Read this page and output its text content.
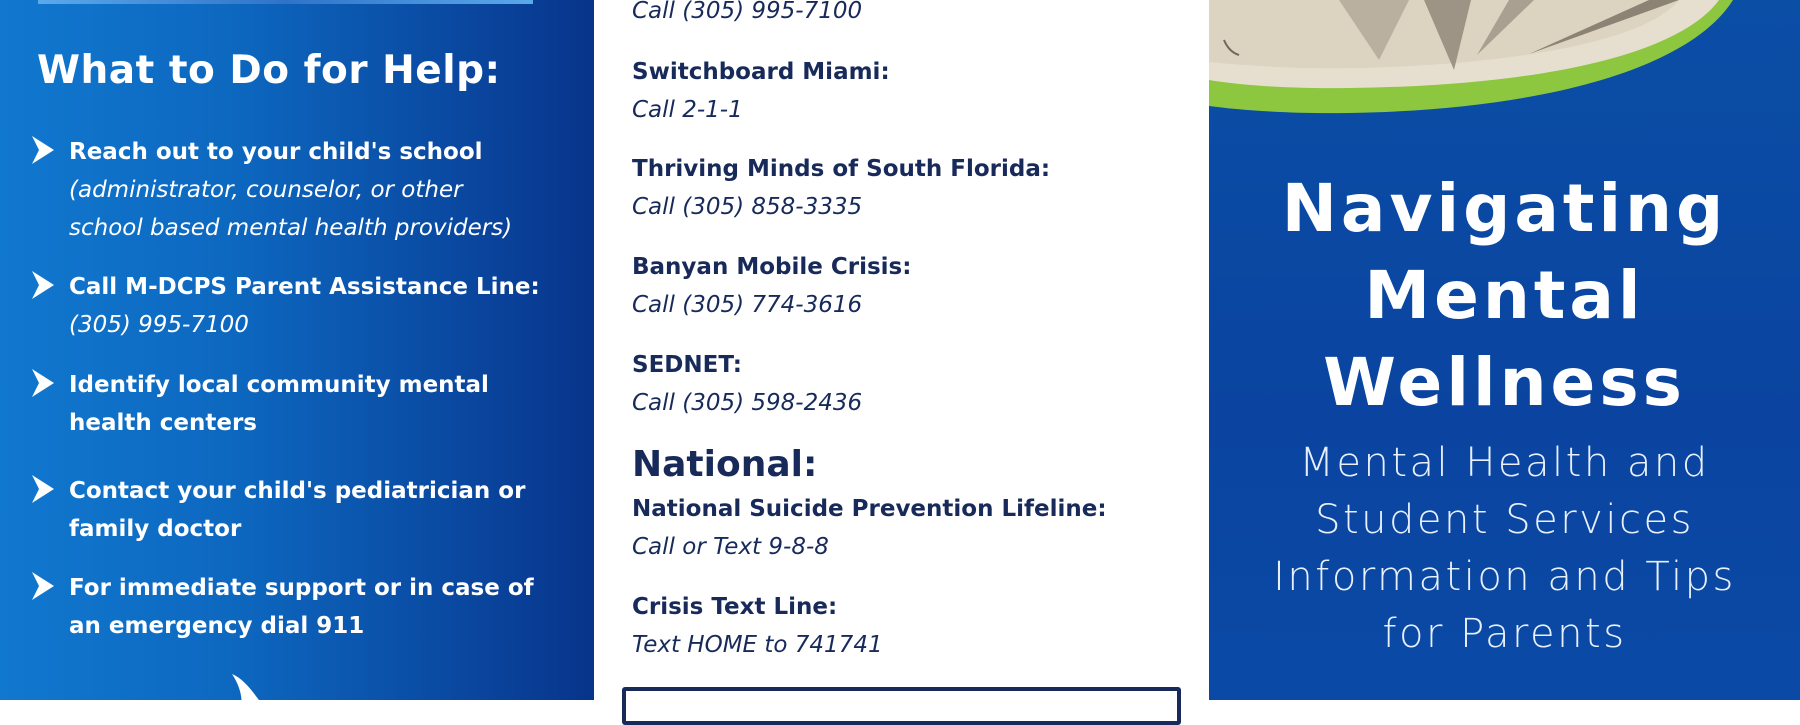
What to Do for Help:
Reach out to your child's school
(administrator, counselor, or other
school based mental health providers)
Call M-DCPS Parent Assistance Line:
(305) 995-7100
Identify local community mental
health centers
Contact your child's pediatrician or
family doctor
For immediate support or in case of
an emergency dial 911
Call (305) 995-7100
Switchboard Miami:
Call 2-1-1
Thriving Minds of South Florida:
Call (305) 858-3335
Banyan Mobile Crisis:
Call (305) 774-3616
SEDNET:
Call (305) 598-2436
National:
National Suicide Prevention Lifeline:
Call or Text 9-8-8
Crisis Text Line:
Text HOME to 741741
Navigating
Mental
Wellness

Mental Health and
Student Services
Information and Tips
for Parents
